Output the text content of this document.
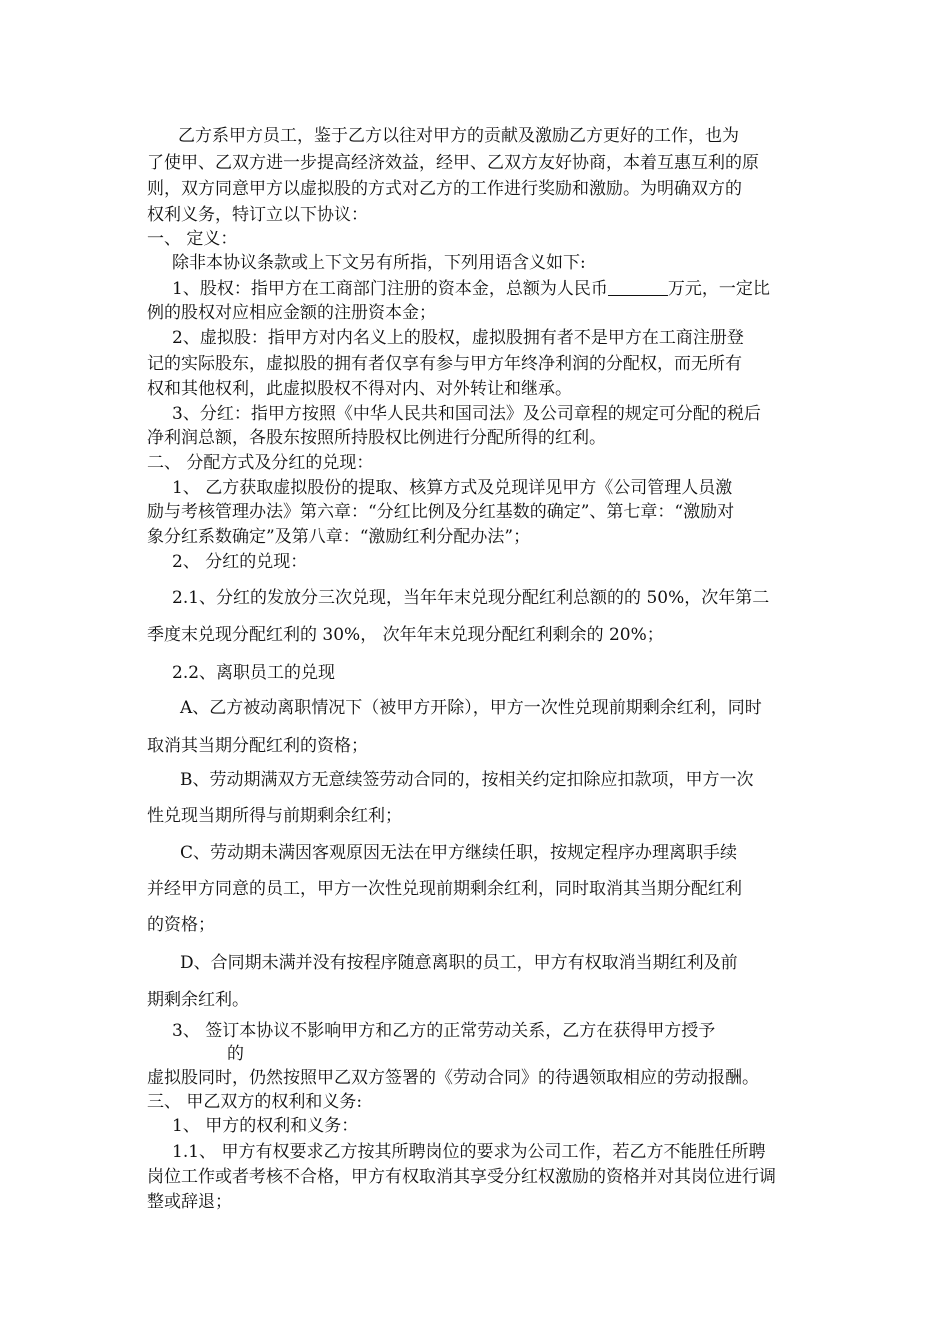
乙方系甲方员工，鉴于乙方以往对甲方的贡献及激励乙方更好的工作，也为
了使甲、乙双方进一步提高经济效益，经甲、乙双方友好协商，本着互惠互利的原
则，双方同意甲方以虚拟股的方式对乙方的工作进行奖励和激励。为明确双方的
权利义务，特订立以下协议：
一、 定义：
除非本协议条款或上下文另有所指，下列用语含义如下:
1、股权：指甲方在工商部门注册的资本金，总额为人民币	万元，一定比
例的股权对应相应金额的注册资本金；
2、虚拟股：指甲方对内名义上的股权，虚拟股拥有者不是甲方在工商注册登
记的实际股东，虚拟股的拥有者仅享有参与甲方年终净利润的分配权，而无所有
权和其他权利，此虚拟股权不得对内、对外转让和继承。
3、分红：指甲方按照《中华人民共和国司法》及公司章程的规定可分配的税后
净利润总额，各股东按照所持股权比例进行分配所得的红利。
二、 分配方式及分红的兑现：
1、 乙方获取虚拟股份的提取、核算方式及兑现详见甲方《公司管理人员激
励与考核管理办法》第六章：“分红比例及分红基数的确定”、第七章：“激励对
象分红系数确定”及第八章：“激励红利分配办法”；
2、 分红的兑现：
2.1、分红的发放分三次兑现，当年年末兑现分配红利总额的的 50%，次年第二
季度末兑现分配红利的 30%， 次年年末兑现分配红利剩余的 20%；
2.2、离职员工的兑现
A、乙方被动离职情况下（被甲方开除），甲方一次性兑现前期剩余红利，同时
取消其当期分配红利的资格；
B、劳动期满双方无意续签劳动合同的，按相关约定扣除应扣款项，甲方一次
性兑现当期所得与前期剩余红利；
C、劳动期未满因客观原因无法在甲方继续任职，按规定程序办理离职手续
并经甲方同意的员工，甲方一次性兑现前期剩余红利，同时取消其当期分配红利
的资格；
D、合同期未满并没有按程序随意离职的员工，甲方有权取消当期红利及前
期剩余红利。
3、 签订本协议不影响甲方和乙方的正常劳动关系，乙方在获得甲方授予
的
虚拟股同时，仍然按照甲乙双方签署的《劳动合同》的待遇领取相应的劳动报酬。
三、 甲乙双方的权利和义务:
1、 甲方的权利和义务：
1.1、 甲方有权要求乙方按其所聘岗位的要求为公司工作，若乙方不能胜任所聘
岗位工作或者考核不合格，甲方有权取消其享受分红权激励的资格并对其岗位进行调
整或辞退；
